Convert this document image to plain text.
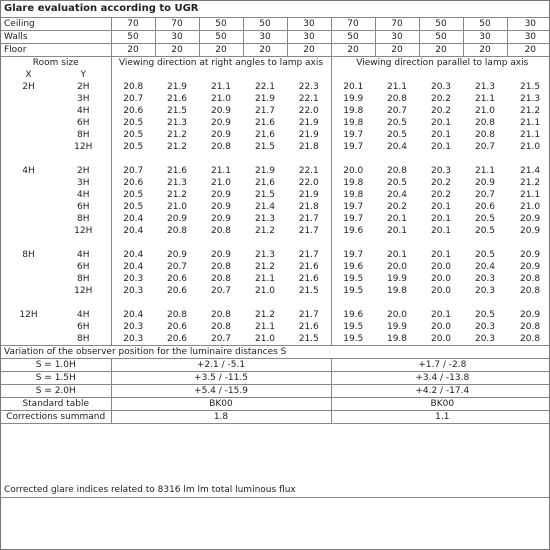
Glare evaluation according to UGR											
Ceiling		70	70	50	50	30	70	70	50	50	30
Walls		50	30	50	30	30	50	30	50	30	30
Floor		20	20	20	20	20	20	20	20	20	20
Room size		Viewing direction at right angles to lamp axis					Viewing direction parallel to lamp axis				
X	Y										
2H	2H	20.8	21.9	21.1	22.1	22.3	20.1	21.1	20.3	21.3	21.5
	3H	20.7	21.6	21.0	21.9	22.1	19.9	20.8	20.2	21.1	21.3
	4H	20.6	21.5	20.9	21.7	22.0	19.8	20.7	20.2	21.0	21.2
	6H	20.5	21.3	20.9	21.6	21.9	19.8	20.5	20.1	20.8	21.1
	8H	20.5	21.2	20.9	21.6	21.9	19.7	20.5	20.1	20.8	21.1
	12H	20.5	21.2	20.8	21.5	21.8	19.7	20.4	20.1	20.7	21.0

4H	2H	20.7	21.6	21.1	21.9	22.1	20.0	20.8	20.3	21.1	21.4
	3H	20.6	21.3	21.0	21.6	22.0	19.8	20.5	20.2	20.9	21.2
	4H	20.5	21.2	20.9	21.5	21.9	19.8	20.4	20.2	20.7	21.1
	6H	20.5	21.0	20.9	21.4	21.8	19.7	20.2	20.1	20.6	21.0
	8H	20.4	20.9	20.9	21.3	21.7	19.7	20.1	20.1	20.5	20.9
	12H	20.4	20.8	20.8	21.2	21.7	19.6	20.1	20.1	20.5	20.9

8H	4H	20.4	20.9	20.9	21.3	21.7	19.7	20.1	20.1	20.5	20.9
	6H	20.4	20.7	20.8	21.2	21.6	19.6	20.0	20.0	20.4	20.9
	8H	20.3	20.6	20.8	21.1	21.6	19.5	19.9	20.0	20.3	20.8
	12H	20.3	20.6	20.7	21.0	21.5	19.5	19.8	20.0	20.3	20.8

12H	4H	20.4	20.8	20.8	21.2	21.7	19.6	20.0	20.1	20.5	20.9
	6H	20.3	20.6	20.8	21.1	21.6	19.5	19.9	20.0	20.3	20.8
	8H	20.3	20.6	20.7	21.0	21.5	19.5	19.8	20.0	20.3	20.8
Variation of the observer position for the luminaire distances S											
S = 1.0H		+2.1 / -5.1					+1.7 / -2.8				
S = 1.5H		+3.5 / -11.5					+3.4 / -13.8				
S = 2.0H		+5.4 / -15.9					+4.2 / -17.4				
Standard table		BK00					BK00				
Corrections summand		1.8					1.1				
Corrected glare indices related to 8316 lm lm total luminous flux
